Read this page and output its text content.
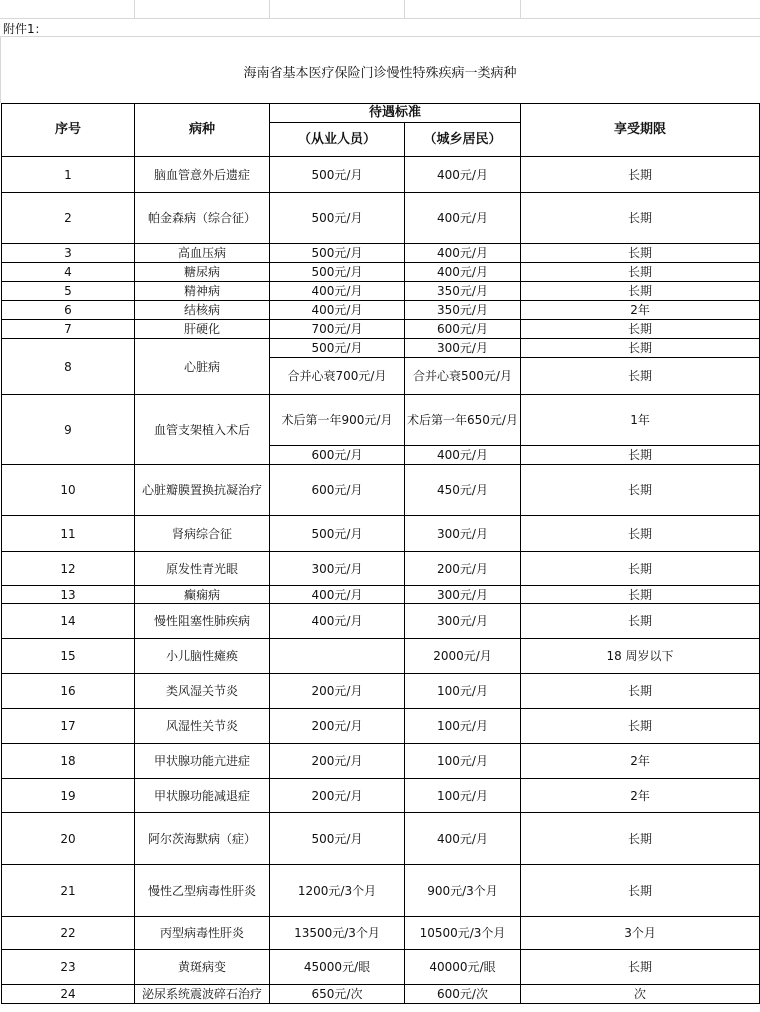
附件1：
海南省基本医疗保险门诊慢性特殊疾病一类病种
序号	病种	待遇标准		享受期限
		（从业人员）	（城乡居民）	
1	脑血管意外后遗症	500元/月	400元/月	长期
2	帕金森病（综合征）	500元/月	400元/月	长期
3	高血压病	500元/月	400元/月	长期
4	糖尿病	500元/月	400元/月	长期
5	精神病	400元/月	350元/月	长期
6	结核病	400元/月	350元/月	2年
7	肝硬化	700元/月	600元/月	长期
8	心脏病	500元/月	300元/月	长期
		合并心衰700元/月	合并心衰500元/月	长期
9	血管支架植入术后	术后第一年900元/月	术后第一年650元/月	1年
		600元/月	400元/月	长期
10	心脏瓣膜置换抗凝治疗	600元/月	450元/月	长期
11	肾病综合征	500元/月	300元/月	长期
12	原发性青光眼	300元/月	200元/月	长期
13	癫痫病	400元/月	300元/月	长期
14	慢性阻塞性肺疾病	400元/月	300元/月	长期
15	小儿脑性瘫痪		2000元/月	18 周岁以下
16	类风湿关节炎	200元/月	100元/月	长期
17	风湿性关节炎	200元/月	100元/月	长期
18	甲状腺功能亢进症	200元/月	100元/月	2年
19	甲状腺功能减退症	200元/月	100元/月	2年
20	阿尔茨海默病（症）	500元/月	400元/月	长期
21	慢性乙型病毒性肝炎	1200元/3个月	900元/3个月	长期
22	丙型病毒性肝炎	13500元/3个月	10500元/3个月	3个月
23	黄斑病变	45000元/眼	40000元/眼	长期
24	泌尿系统震波碎石治疗	650元/次	600元/次	次
